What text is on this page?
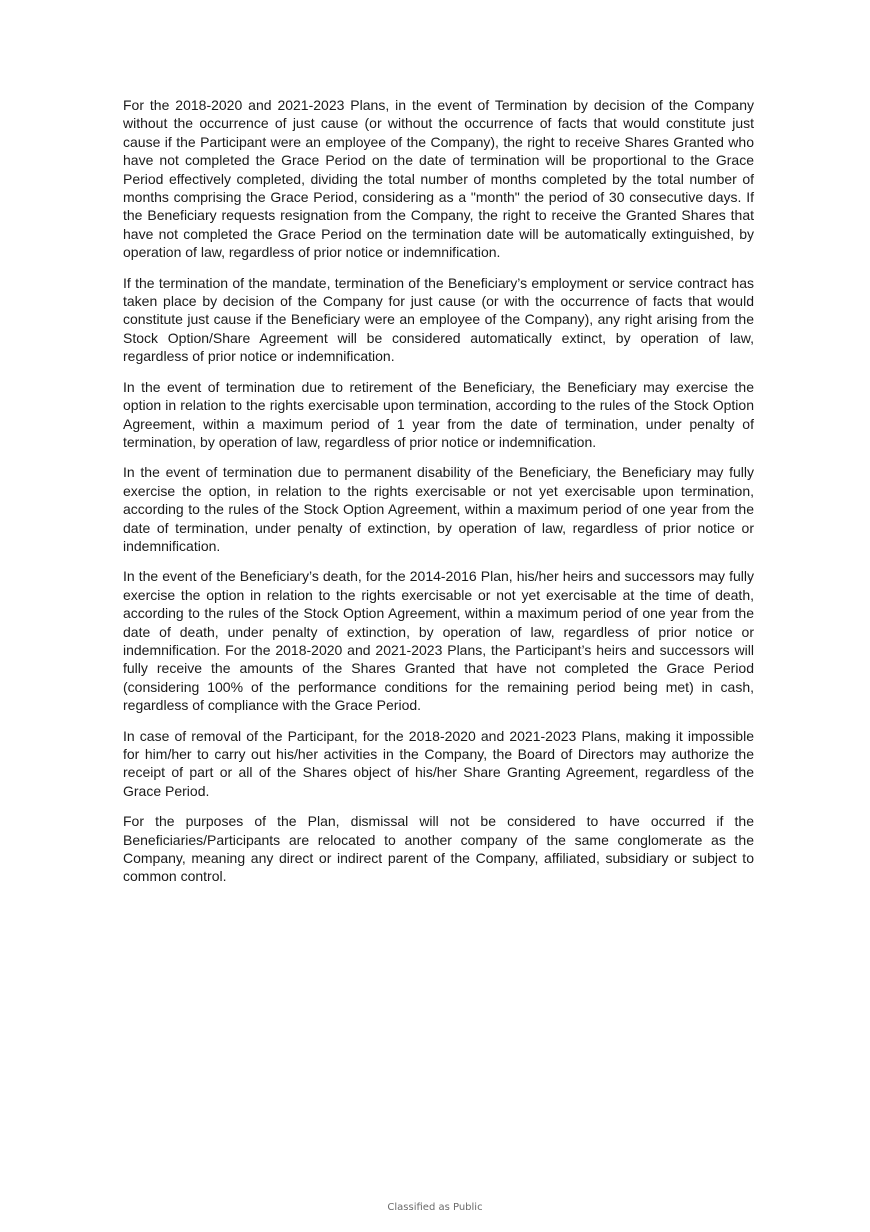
For the 2018-2020 and 2021-2023 Plans, in the event of Termination by decision of the Company without the occurrence of just cause (or without the occurrence of facts that would constitute just cause if the Participant were an employee of the Company), the right to receive Shares Granted who have not completed the Grace Period on the date of termination will be proportional to the Grace Period effectively completed, dividing the total number of months completed by the total number of months comprising the Grace Period, considering as a "month" the period of 30 consecutive days. If the Beneficiary requests resignation from the Company, the right to receive the Granted Shares that have not completed the Grace Period on the termination date will be automatically extinguished, by operation of law, regardless of prior notice or indemnification.

If the termination of the mandate, termination of the Beneficiary’s employment or service contract has taken place by decision of the Company for just cause (or with the occurrence of facts that would constitute just cause if the Beneficiary were an employee of the Company), any right arising from the Stock Option/Share Agreement will be considered automatically extinct, by operation of law, regardless of prior notice or indemnification.

In the event of termination due to retirement of the Beneficiary, the Beneficiary may exercise the option in relation to the rights exercisable upon termination, according to the rules of the Stock Option Agreement, within a maximum period of 1 year from the date of termination, under penalty of termination, by operation of law, regardless of prior notice or indemnification.

In the event of termination due to permanent disability of the Beneficiary, the Beneficiary may fully exercise the option, in relation to the rights exercisable or not yet exercisable upon termination, according to the rules of the Stock Option Agreement, within a maximum period of one year from the date of termination, under penalty of extinction, by operation of law, regardless of prior notice or indemnification.

In the event of the Beneficiary’s death, for the 2014-2016 Plan, his/her heirs and successors may fully exercise the option in relation to the rights exercisable or not yet exercisable at the time of death, according to the rules of the Stock Option Agreement, within a maximum period of one year from the date of death, under penalty of extinction, by operation of law, regardless of prior notice or indemnification. For the 2018-2020 and 2021-2023 Plans, the Participant’s heirs and successors will fully receive the amounts of the Shares Granted that have not completed the Grace Period (considering 100% of the performance conditions for the remaining period being met) in cash, regardless of compliance with the Grace Period.

In case of removal of the Participant, for the 2018-2020 and 2021-2023 Plans, making it impossible for him/her to carry out his/her activities in the Company, the Board of Directors may authorize the receipt of part or all of the Shares object of his/her Share Granting Agreement, regardless of the Grace Period.

For the purposes of the Plan, dismissal will not be considered to have occurred if the Beneficiaries/Participants are relocated to another company of the same conglomerate as the Company, meaning any direct or indirect parent of the Company, affiliated, subsidiary or subject to common control.

Classified as Public
